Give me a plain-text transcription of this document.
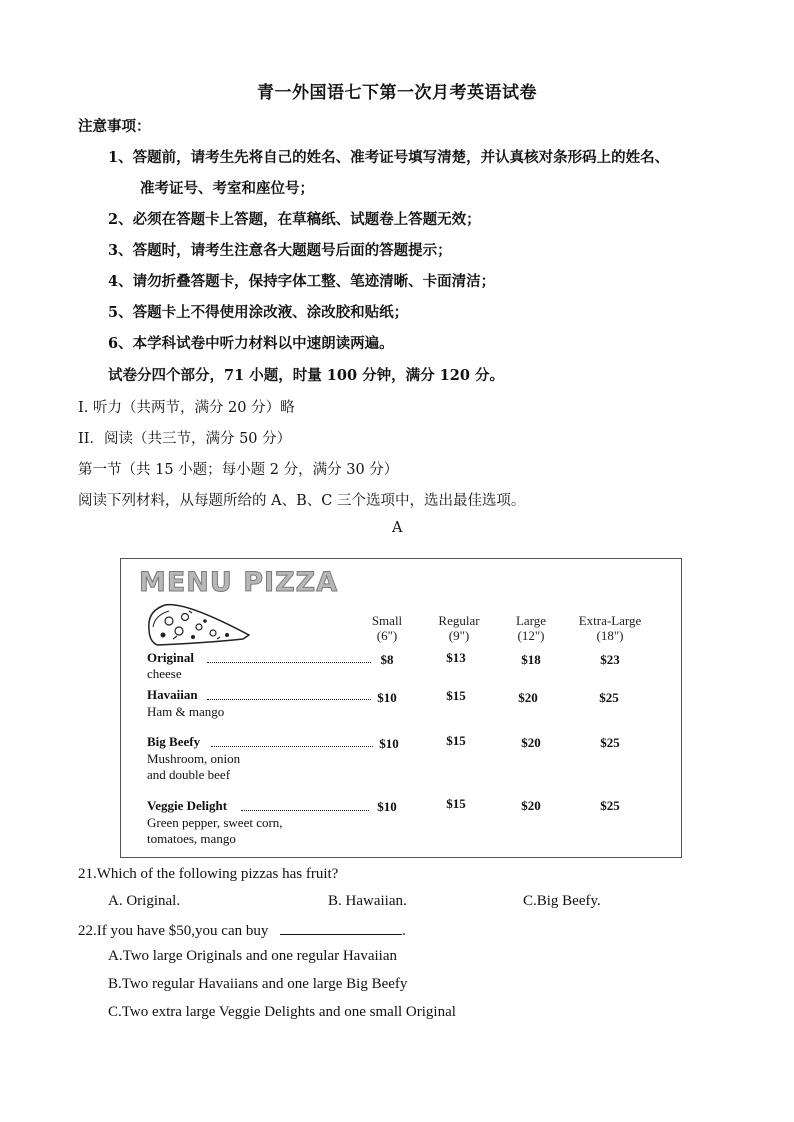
青一外国语七下第一次月考英语试卷
注意事项：
1、答题前，请考生先将自己的姓名、准考证号填写清楚，并认真核对条形码上的姓名、
准考证号、考室和座位号；
2、必须在答题卡上答题，在草稿纸、试题卷上答题无效；
3、答题时，请考生注意各大题题号后面的答题提示；
4、请勿折叠答题卡，保持字体工整、笔迹清晰、卡面清洁；
5、答题卡上不得使用涂改液、涂改胶和贴纸；
6、本学科试卷中听力材料以中速朗读两遍。
试卷分四个部分，71 小题，时量 100 分钟，满分 120 分。
I. 听力（共两节，满分 20 分）略
II．阅读（共三节，满分 50 分）
第一节（共 15 小题；每小题 2 分，满分 30 分）
阅读下列材料，从每题所给的 A、B、C 三个选项中，选出最佳选项。
A
MENU PIZZA
Small
(6")
Regular
(9")
Large
(12")
Extra-Large
(18")
Original
cheese
$8	$13	$18	$23
Havaiian
Ham & mango
$10	$15	$20	$25
Big Beefy
Mushroom, onion
and double beef
$10	$15	$20	$25
Veggie Delight
Green pepper, sweet corn,
tomatoes, mango
$10	$15	$20	$25
21.Which of the following pizzas has fruit?
A. Original.	B. Hawaiian.	C.Big Beefy.
22.If you have $50,you can buy	.
A.Two large Originals and one regular Havaiian
B.Two regular Havaiians and one large Big Beefy
C.Two extra large Veggie Delights and one small Original
